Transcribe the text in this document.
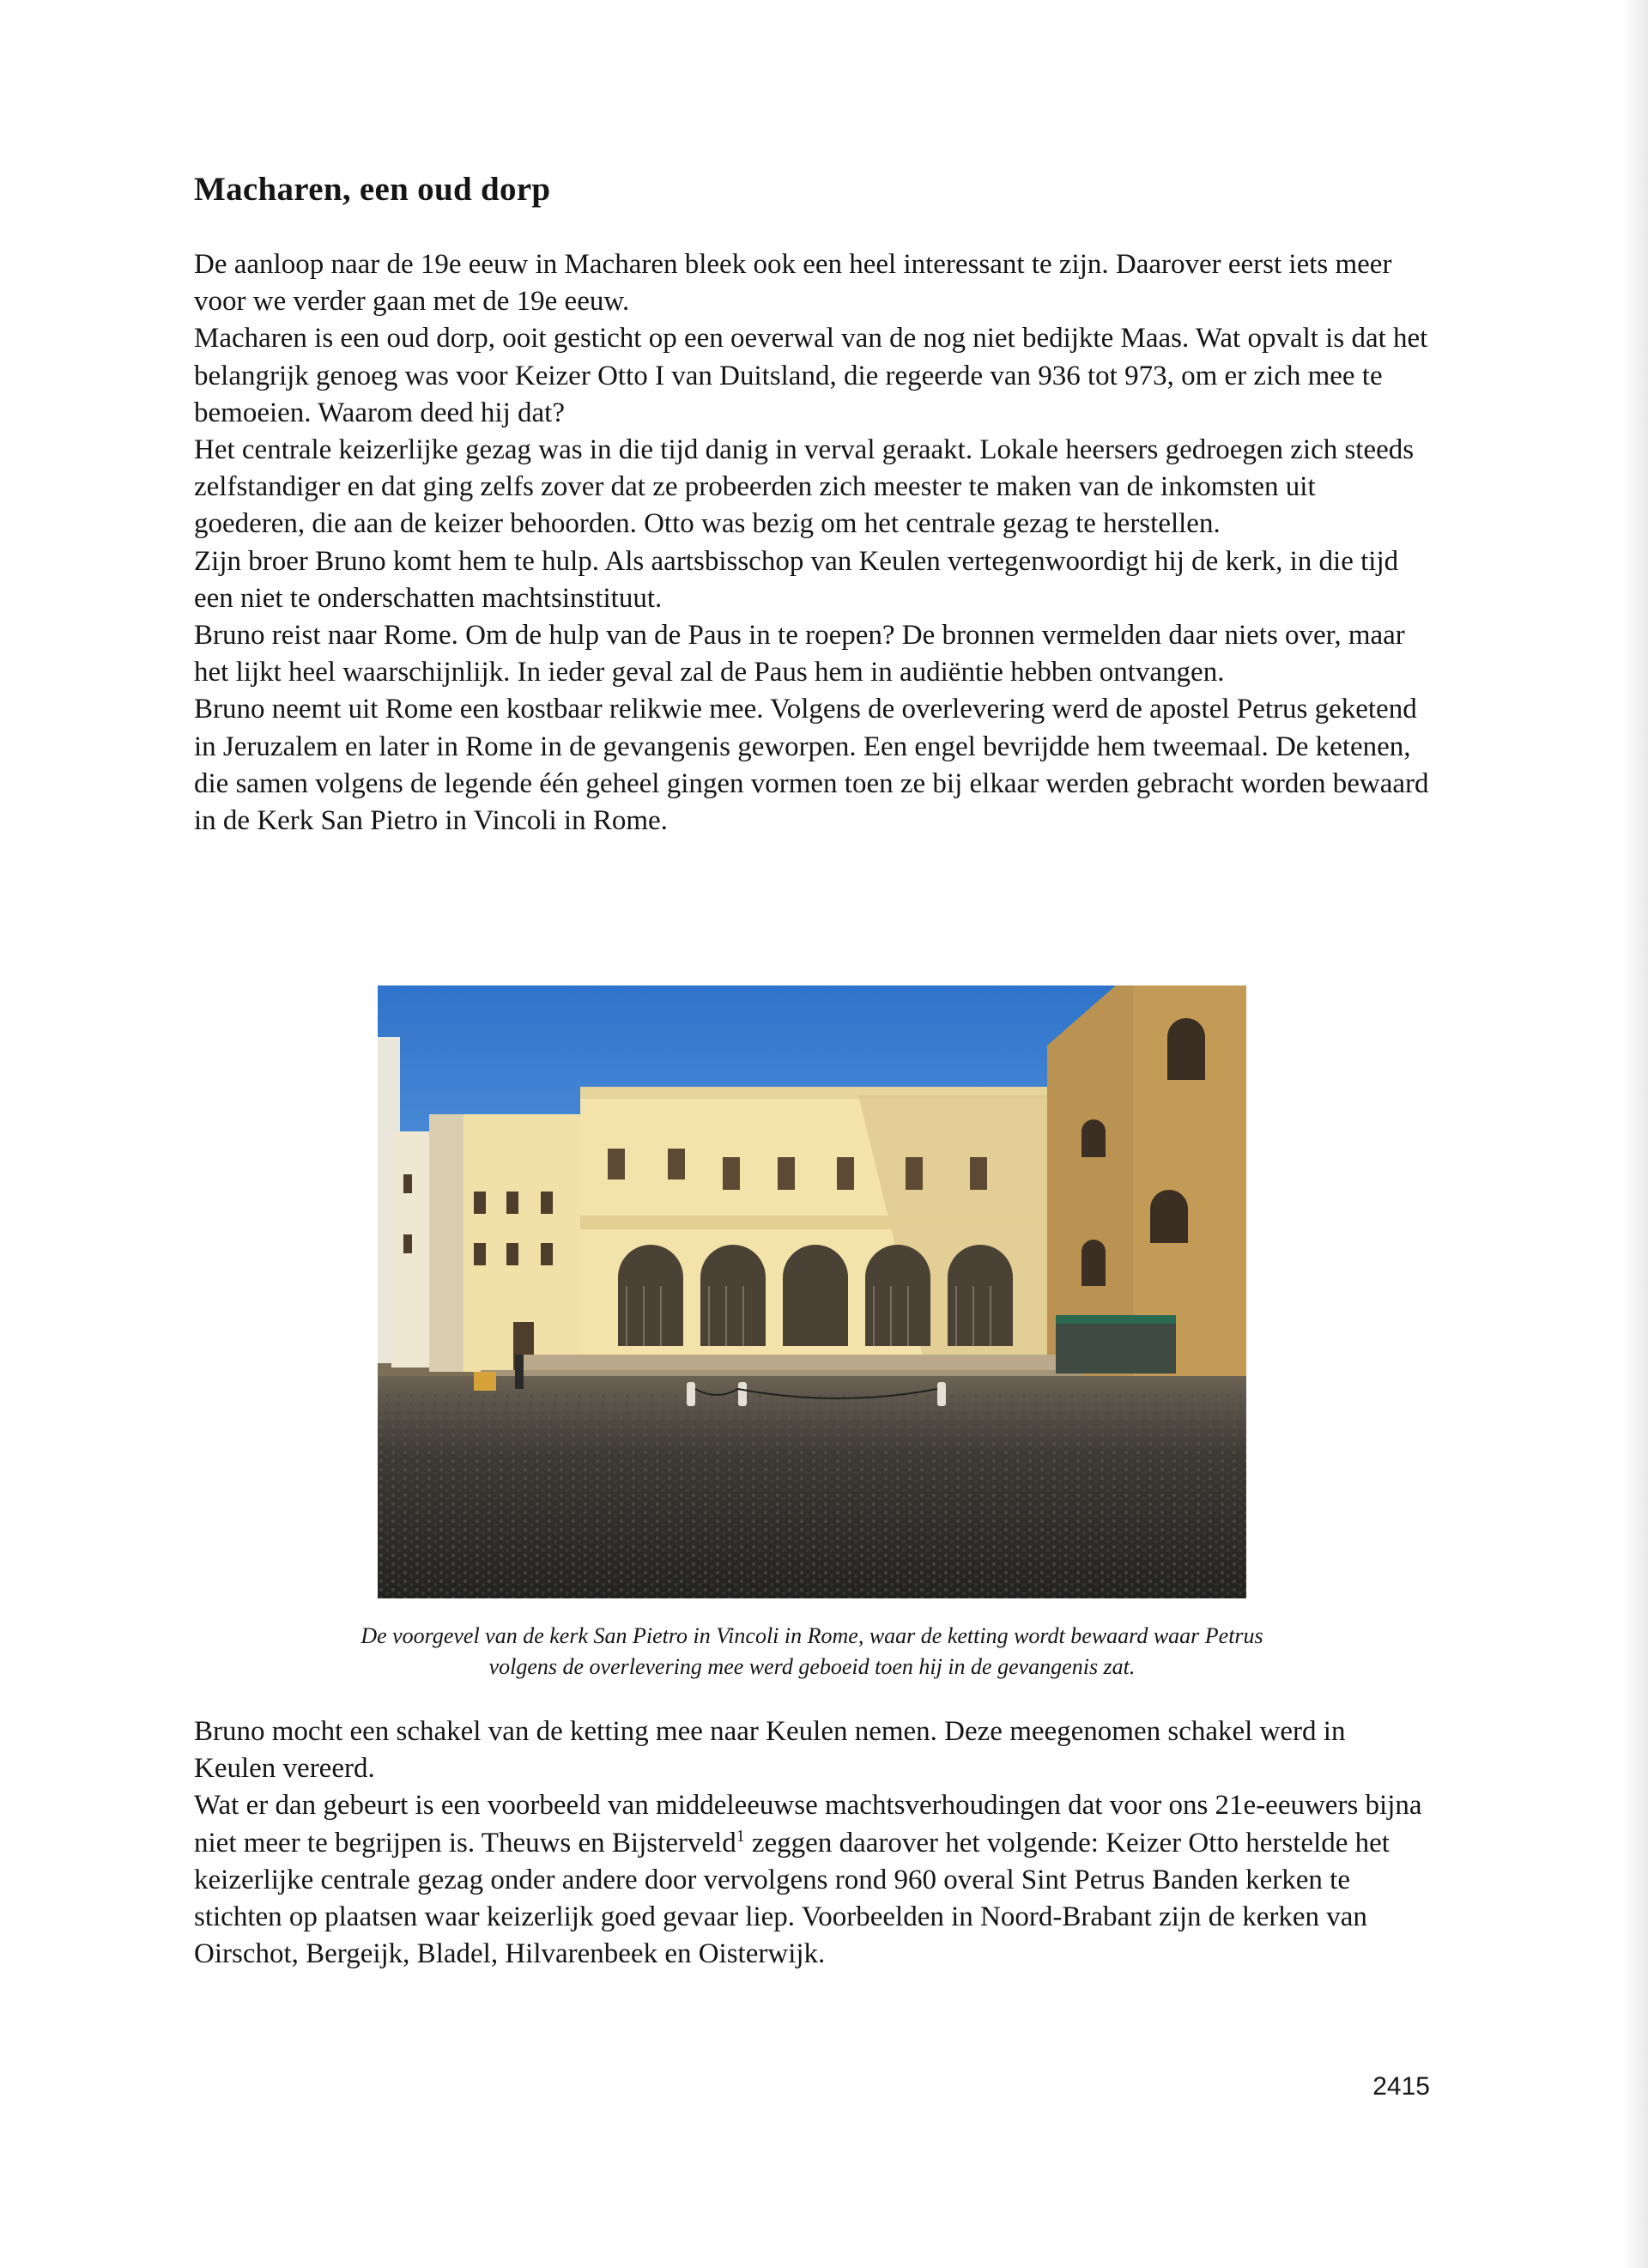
Macharen, een oud dorp

De aanloop naar de 19e eeuw in Macharen bleek ook een heel interessant te zijn. Daarover eerst iets meer voor we verder gaan met de 19e eeuw.

Macharen is een oud dorp, ooit gesticht op een oeverwal van de nog niet bedijkte Maas. Wat opvalt is dat het belangrijk genoeg was voor Keizer Otto I van Duitsland, die regeerde van 936 tot 973, om er zich mee te bemoeien. Waarom deed hij dat?

Het centrale keizerlijke gezag was in die tijd danig in verval geraakt. Lokale heersers gedroegen zich steeds zelfstandiger en dat ging zelfs zover dat ze probeerden zich meester te maken van de inkomsten uit goederen, die aan de keizer behoorden. Otto was bezig om het centrale gezag te herstellen.

Zijn broer Bruno komt hem te hulp. Als aartsbisschop van Keulen vertegenwoordigt hij de kerk, in die tijd een niet te onderschatten machtsinstituut.

Bruno reist naar Rome. Om de hulp van de Paus in te roepen? De bronnen vermelden daar niets over, maar het lijkt heel waarschijnlijk. In ieder geval zal de Paus hem in audiëntie hebben ontvangen.

Bruno neemt uit Rome een kostbaar relikwie mee. Volgens de overlevering werd de apostel Petrus geketend in Jeruzalem en later in Rome in de gevangenis geworpen. Een engel bevrijdde hem tweemaal. De ketenen, die samen volgens de legende één geheel gingen vormen toen ze bij elkaar werden gebracht worden bewaard in de Kerk San Pietro in Vincoli in Rome.

De voorgevel van de kerk San Pietro in Vincoli in Rome, waar de ketting wordt bewaard waar Petrus
volgens de overlevering mee werd geboeid toen hij in de gevangenis zat.

Bruno mocht een schakel van de ketting mee naar Keulen nemen. Deze meegenomen schakel werd in Keulen vereerd.

Wat er dan gebeurt is een voorbeeld van middeleeuwse machtsverhoudingen dat voor ons 21e-eeuwers bijna niet meer te begrijpen is. Theuws en Bijsterveld$^1$ zeggen daarover het volgende: Keizer Otto herstelde het keizerlijke centrale gezag onder andere door vervolgens rond 960 overal Sint Petrus Banden kerken te stichten op plaatsen waar keizerlijk goed gevaar liep. Voorbeelden in Noord-Brabant zijn de kerken van Oirschot, Bergeijk, Bladel, Hilvarenbeek en Oisterwijk.

2415
